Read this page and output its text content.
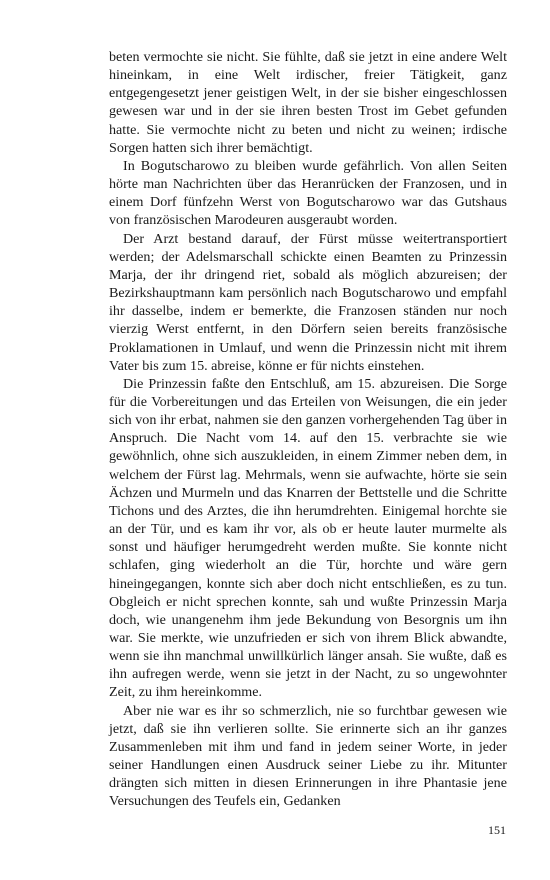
beten vermochte sie nicht. Sie fühlte, daß sie jetzt in eine andere Welt hineinkam, in eine Welt irdischer, freier Tätigkeit, ganz entgegengesetzt jener geistigen Welt, in der sie bisher eingeschlossen gewesen war und in der sie ihren besten Trost im Gebet gefunden hatte. Sie vermochte nicht zu beten und nicht zu weinen; irdische Sorgen hatten sich ihrer bemächtigt.

In Bogutscharowo zu bleiben wurde gefährlich. Von allen Seiten hörte man Nachrichten über das Heranrücken der Franzosen, und in einem Dorf fünfzehn Werst von Bogutscharowo war das Gutshaus von französischen Marodeuren ausgeraubt worden.

Der Arzt bestand darauf, der Fürst müsse weitertransportiert werden; der Adelsmarschall schickte einen Beamten zu Prinzessin Marja, der ihr dringend riet, sobald als möglich abzureisen; der Bezirkshauptmann kam persönlich nach Bogutscharowo und empfahl ihr dasselbe, indem er bemerkte, die Franzosen ständen nur noch vierzig Werst entfernt, in den Dörfern seien bereits französische Proklamationen in Umlauf, und wenn die Prinzessin nicht mit ihrem Vater bis zum 15. abreise, könne er für nichts einstehen.

Die Prinzessin faßte den Entschluß, am 15. abzureisen. Die Sorge für die Vorbereitungen und das Erteilen von Weisungen, die ein jeder sich von ihr erbat, nahmen sie den ganzen vorhergehenden Tag über in Anspruch. Die Nacht vom 14. auf den 15. verbrachte sie wie gewöhnlich, ohne sich auszukleiden, in einem Zimmer neben dem, in welchem der Fürst lag. Mehrmals, wenn sie aufwachte, hörte sie sein Ächzen und Murmeln und das Knarren der Bettstelle und die Schritte Tichons und des Arztes, die ihn herumdrehten. Einigemal horchte sie an der Tür, und es kam ihr vor, als ob er heute lauter murmelte als sonst und häufiger herumgedreht werden mußte. Sie konnte nicht schlafen, ging wiederholt an die Tür, horchte und wäre gern hineingegangen, konnte sich aber doch nicht entschließen, es zu tun. Obgleich er nicht sprechen konnte, sah und wußte Prinzessin Marja doch, wie unangenehm ihm jede Bekundung von Besorgnis um ihn war. Sie merkte, wie unzufrieden er sich von ihrem Blick abwandte, wenn sie ihn manchmal unwillkürlich länger ansah. Sie wußte, daß es ihn aufregen werde, wenn sie jetzt in der Nacht, zu so ungewohnter Zeit, zu ihm hereinkomme.

Aber nie war es ihr so schmerzlich, nie so furchtbar gewesen wie jetzt, daß sie ihn verlieren sollte. Sie erinnerte sich an ihr ganzes Zusammenleben mit ihm und fand in jedem seiner Worte, in jeder seiner Handlungen einen Ausdruck seiner Liebe zu ihr. Mitunter drängten sich mitten in diesen Erinnerungen in ihre Phantasie jene Versuchungen des Teufels ein, Gedanken

151
